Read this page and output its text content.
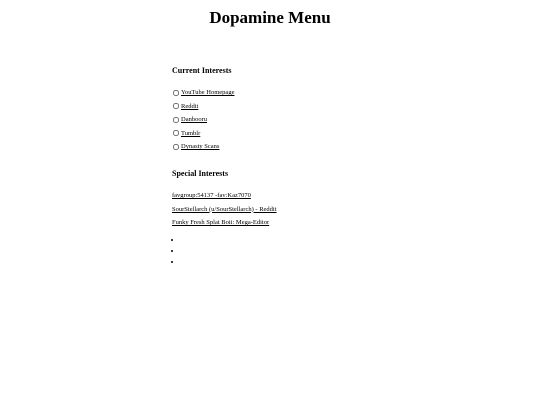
Dopamine Menu
Current Interests
YouTube Homepage
Reddit
Danbooru
Tumblr
Dynasty Scans
Special Interests
favgroup:54137 -fav:Kaz7070
SourStellarch (u/SourStellarch) - Reddit
Funky Fresh Splat Boii: Mega-Editor
•
•
•
